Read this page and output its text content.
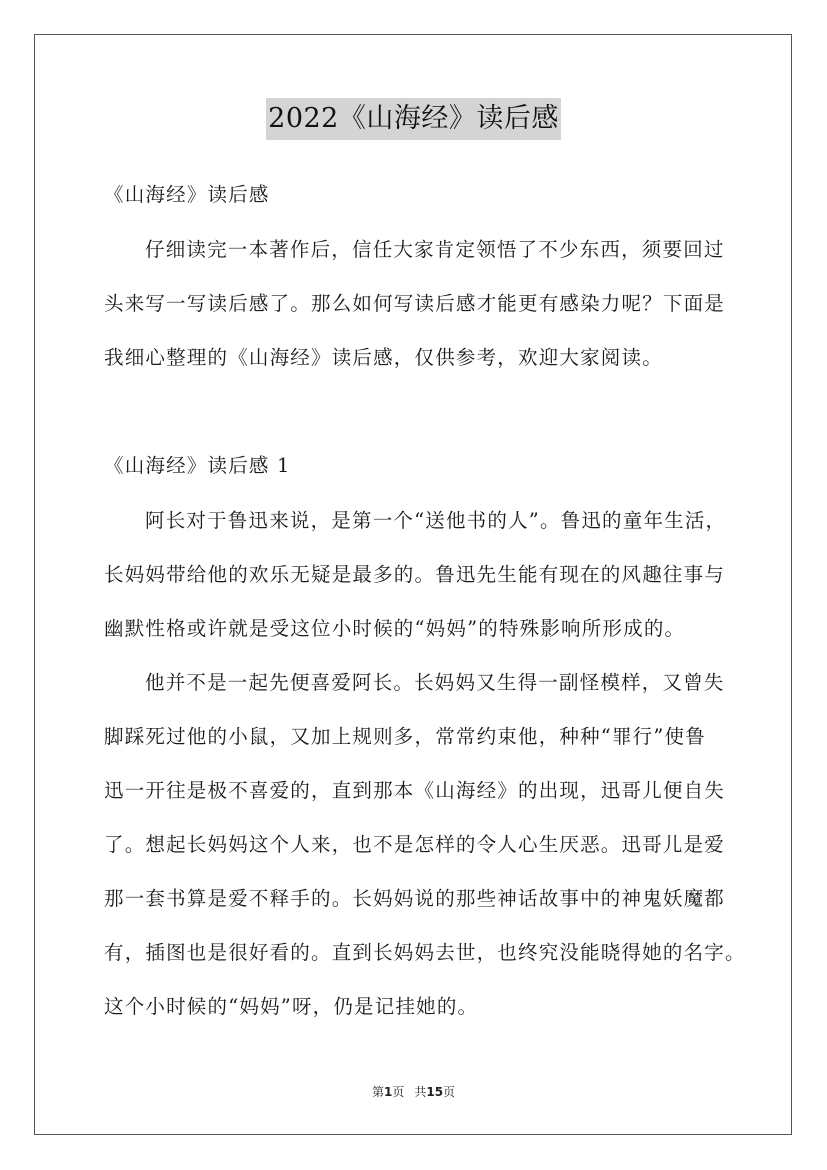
2022《山海经》读后感
《山海经》读后感
仔细读完一本著作后，信任大家肯定领悟了不少东西，须要回过
头来写一写读后感了。那么如何写读后感才能更有感染力呢？下面是
我细心整理的《山海经》读后感，仅供参考，欢迎大家阅读。
《山海经》读后感 1
阿长对于鲁迅来说，是第一个“送他书的人”。鲁迅的童年生活，
长妈妈带给他的欢乐无疑是最多的。鲁迅先生能有现在的风趣往事与
幽默性格或许就是受这位小时候的“妈妈”的特殊影响所形成的。
他并不是一起先便喜爱阿长。长妈妈又生得一副怪模样，又曾失
脚踩死过他的小鼠，又加上规则多，常常约束他，种种“罪行”使鲁
迅一开往是极不喜爱的，直到那本《山海经》的出现，迅哥儿便自失
了。想起长妈妈这个人来，也不是怎样的令人心生厌恶。迅哥儿是爱
那一套书算是爱不释手的。长妈妈说的那些神话故事中的神鬼妖魔都
有，插图也是很好看的。直到长妈妈去世，也终究没能晓得她的名字。
这个小时候的“妈妈”呀，仍是记挂她的。
第1页 共15页
